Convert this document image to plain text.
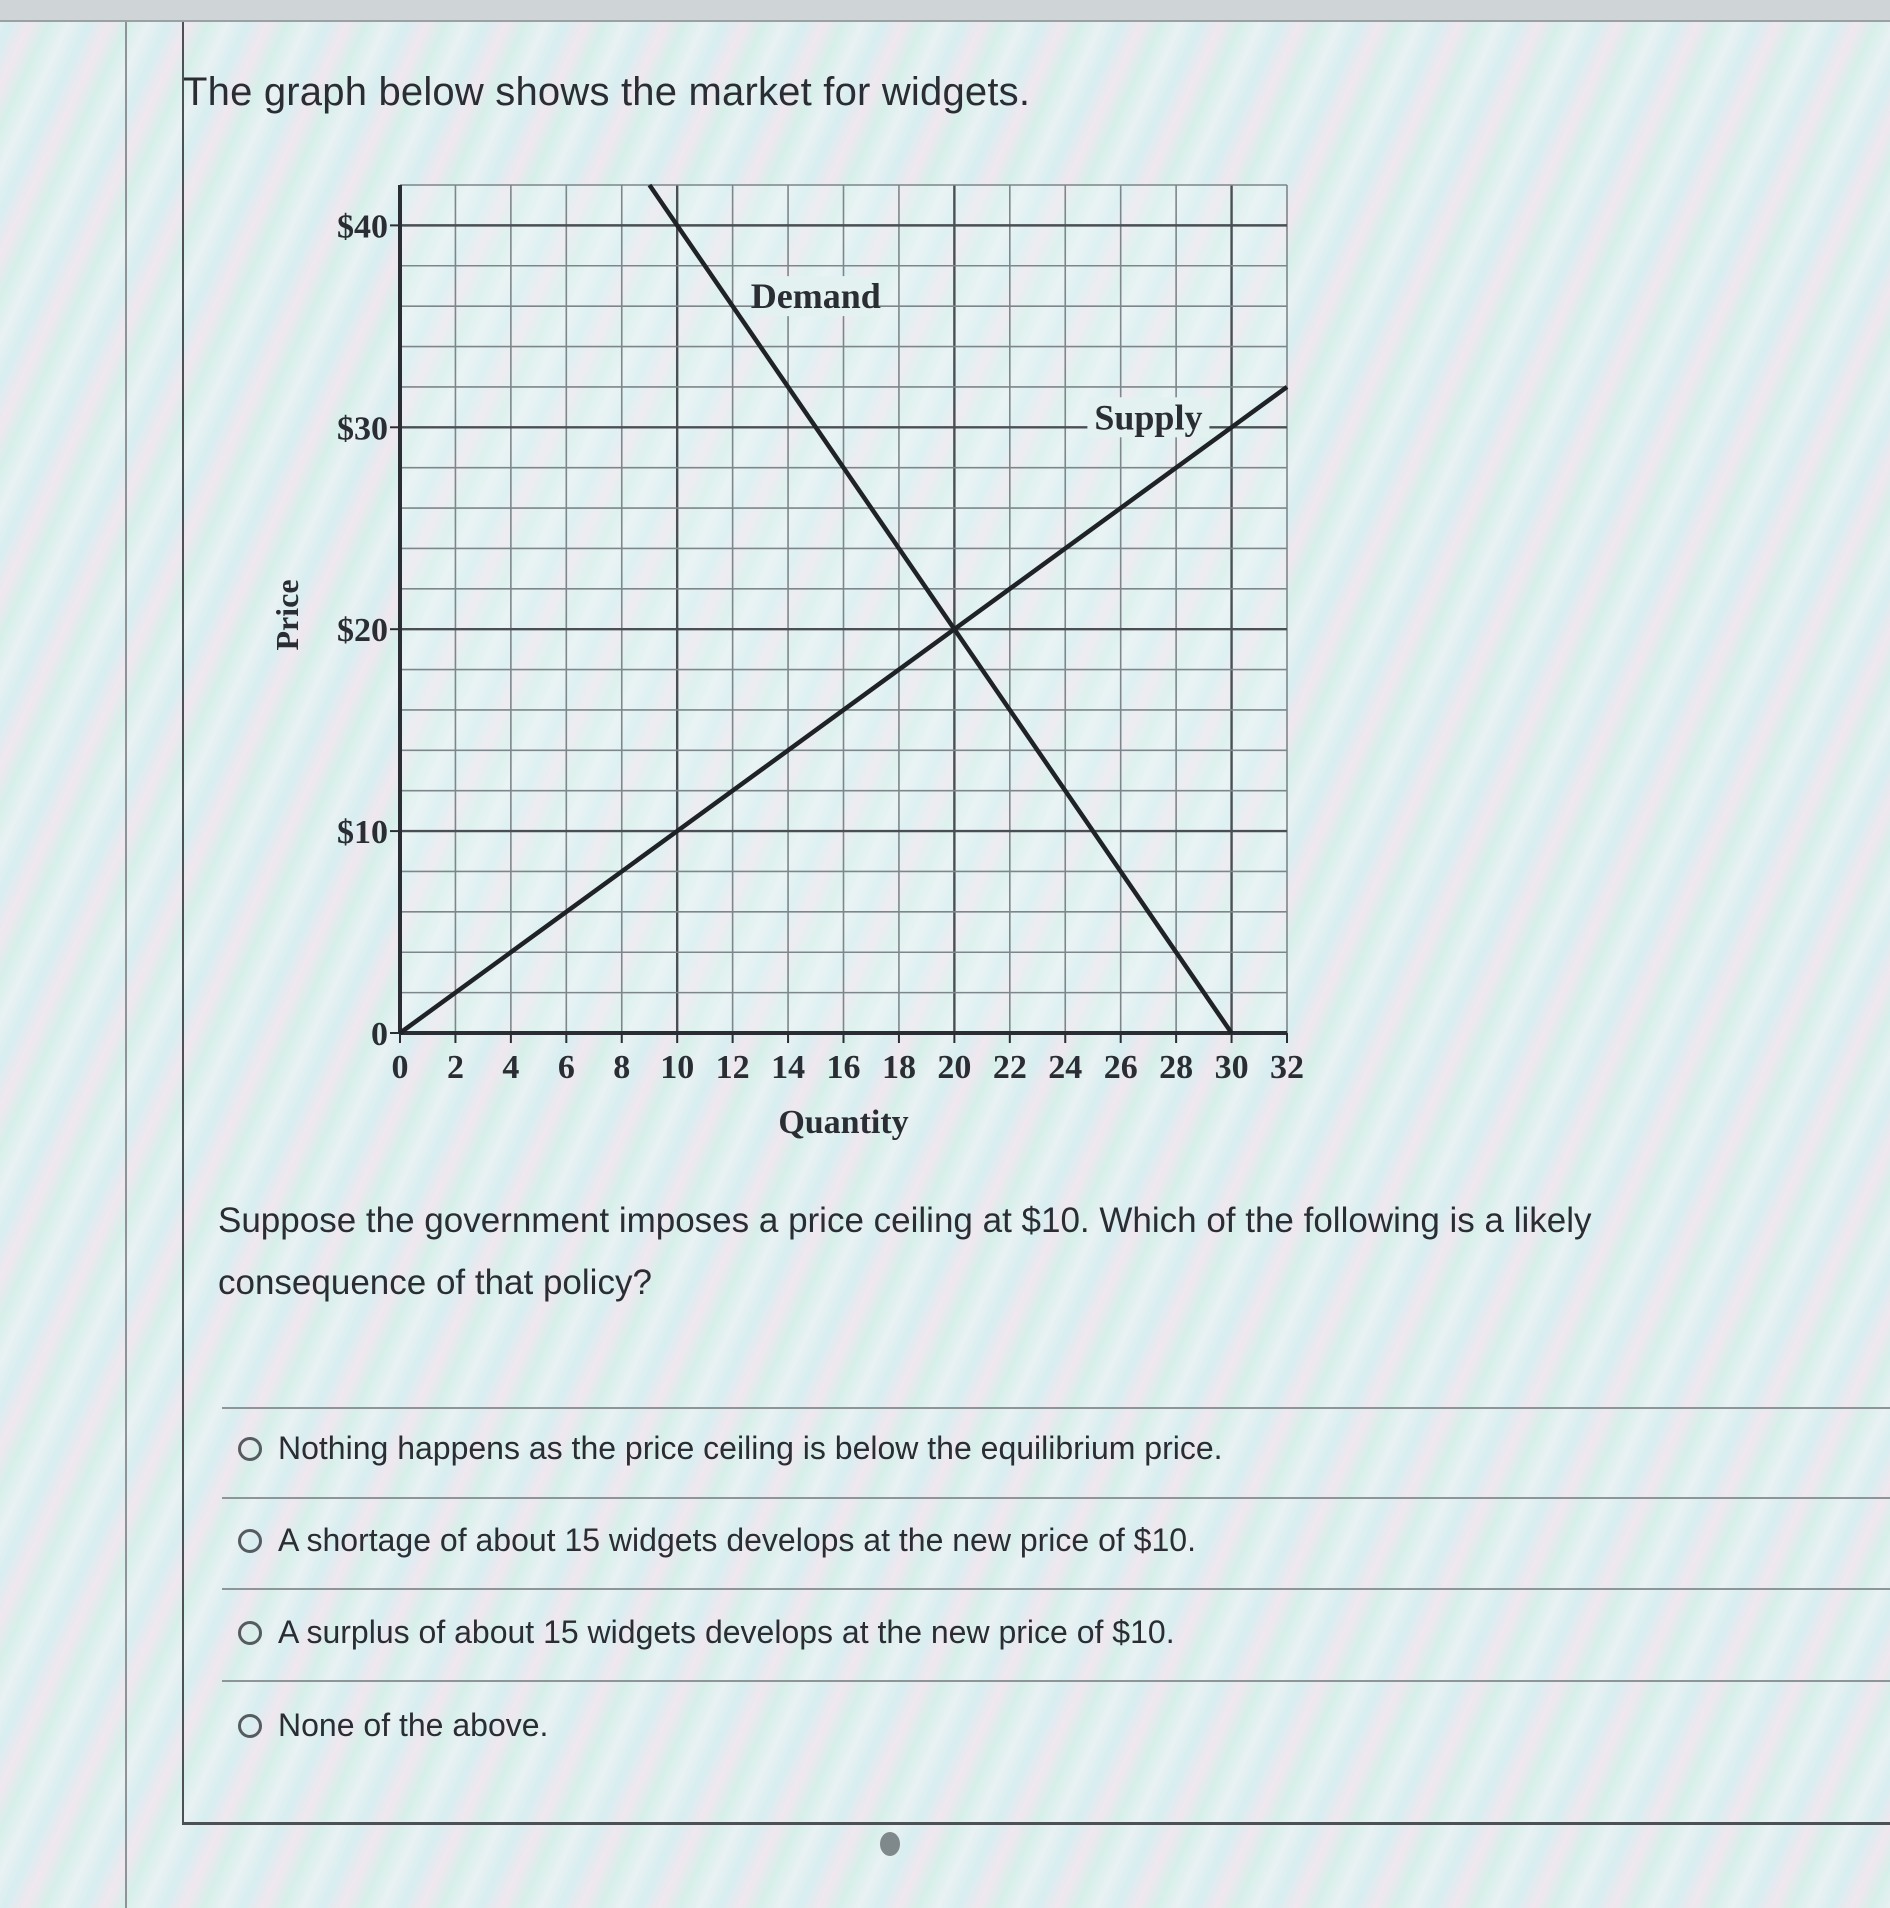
The graph below shows the market for widgets.
0 2 4 6 8 10 12 14 16 18 20 22 24 26 28 30 32
0
$10
$20
$30
$40
Quantity
Price
Demand
Supply
Suppose the government imposes a price ceiling at $10. Which of the following is a likely consequence of that policy?
Nothing happens as the price ceiling is below the equilibrium price.
A shortage of about 15 widgets develops at the new price of $10.
A surplus of about 15 widgets develops at the new price of $10.
None of the above.
